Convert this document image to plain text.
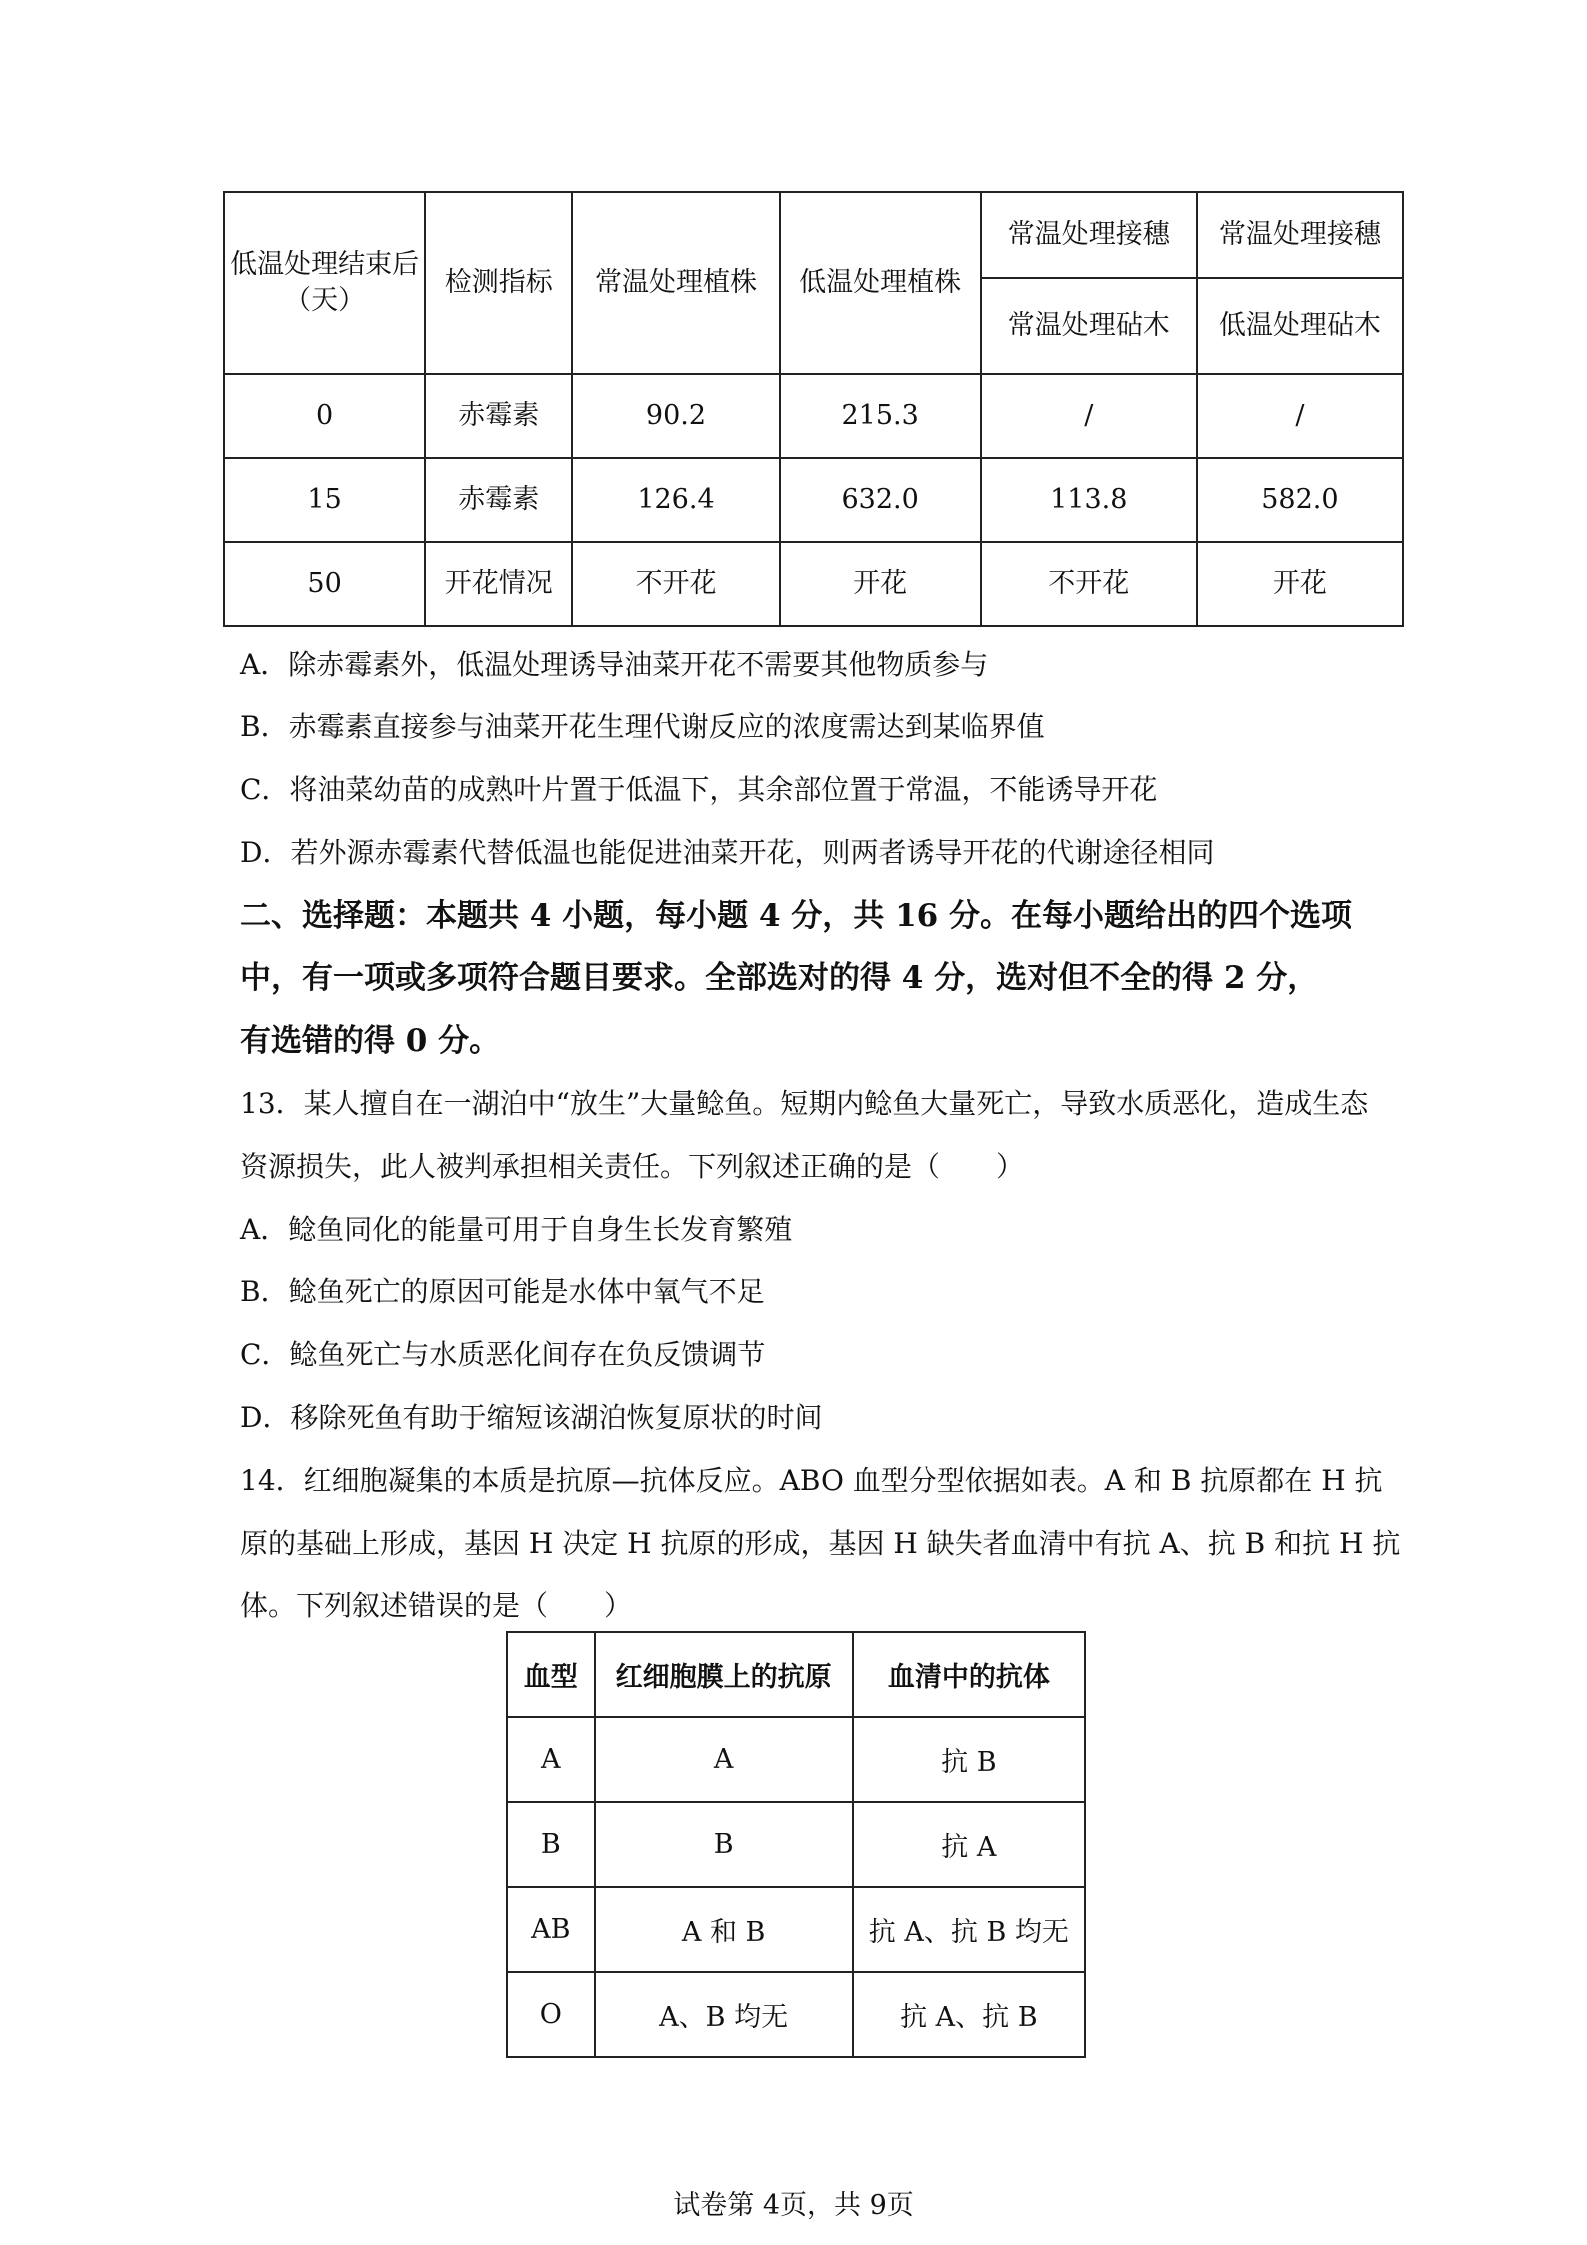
低温处理结束后（天）	检测指标	常温处理植株	低温处理植株	常温处理接穗	常温处理接穗
				常温处理砧木	低温处理砧木
0	赤霉素	90.2	215.3	/	/
15	赤霉素	126.4	632.0	113.8	582.0
50	开花情况	不开花	开花	不开花	开花
A．除赤霉素外，低温处理诱导油菜开花不需要其他物质参与
B．赤霉素直接参与油菜开花生理代谢反应的浓度需达到某临界值
C．将油菜幼苗的成熟叶片置于低温下，其余部位置于常温，不能诱导开花
D．若外源赤霉素代替低温也能促进油菜开花，则两者诱导开花的代谢途径相同
二、选择题：本题共 4 小题，每小题 4 分，共 16 分。在每小题给出的四个选项
中，有一项或多项符合题目要求。全部选对的得 4 分，选对但不全的得 2 分，
有选错的得 0 分。
13．某人擅自在一湖泊中“放生”大量鲶鱼。短期内鲶鱼大量死亡，导致水质恶化，造成生态
资源损失，此人被判承担相关责任。下列叙述正确的是（　　）
A．鲶鱼同化的能量可用于自身生长发育繁殖
B．鲶鱼死亡的原因可能是水体中氧气不足
C．鲶鱼死亡与水质恶化间存在负反馈调节
D．移除死鱼有助于缩短该湖泊恢复原状的时间
14．红细胞凝集的本质是抗原—抗体反应。ABO 血型分型依据如表。A 和 B 抗原都在 H 抗
原的基础上形成，基因 H 决定 H 抗原的形成，基因 H 缺失者血清中有抗 A、抗 B 和抗 H 抗
体。下列叙述错误的是（　　）
血型	红细胞膜上的抗原	血清中的抗体
A	A	抗 B
B	B	抗 A
AB	A 和 B	抗 A、抗 B 均无
O	A、B 均无	抗 A、抗 B
试卷第 4页，共 9页
